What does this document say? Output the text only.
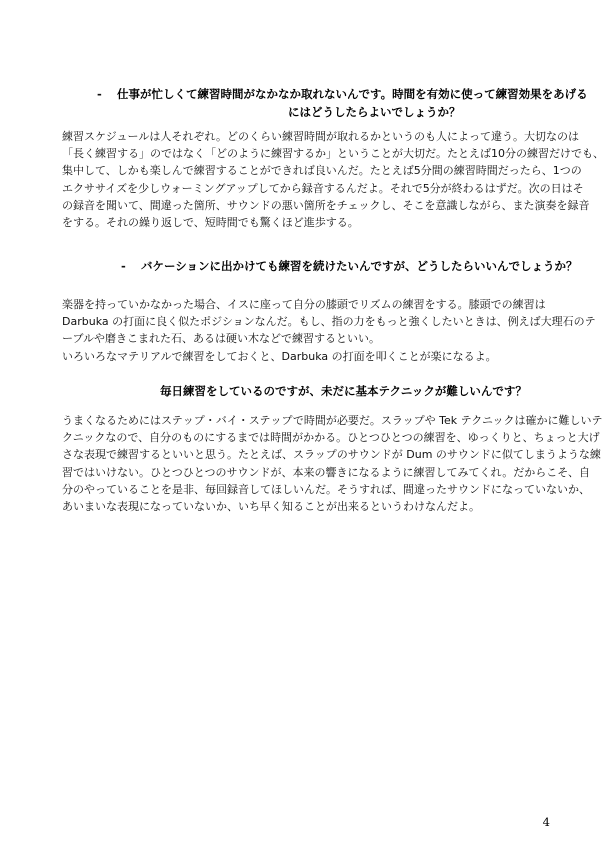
- 仕事が忙しくて練習時間がなかなか取れないんです。時間を有効に使って練習効果をあげる
にはどうしたらよいでしょうか？

練習スケジュールは人それぞれ。どのくらい練習時間が取れるかというのも人によって違う。大切なのは

「長く練習する」のではなく「どのように練習するか」ということが大切だ。たとえば10分の練習だけでも、

集中して、しかも楽しんで練習することができれば良いんだ。たとえば5分間の練習時間だったら、1つの

エクササイズを少しウォーミングアップしてから録音するんだよ。それで5分が終わるはずだ。次の日はそ

の録音を聞いて、間違った箇所、サウンドの悪い箇所をチェックし、そこを意識しながら、また演奏を録音

をする。それの繰り返しで、短時間でも驚くほど進歩する。

- バケーションに出かけても練習を続けたいんですが、どうしたらいいんでしょうか？

楽器を持っていかなかった場合、イスに座って自分の膝頭でリズムの練習をする。膝頭での練習は

Darbuka の打面に良く似たポジションなんだ。もし、指の力をもっと強くしたいときは、例えば大理石のテ

ーブルや磨きこまれた石、あるは硬い木などで練習するといい。

いろいろなマテリアルで練習をしておくと、Darbuka の打面を叩くことが楽になるよ。

毎日練習をしているのですが、未だに基本テクニックが難しいんです？

うまくなるためにはステップ・バイ・ステップで時間が必要だ。スラップや Tek テクニックは確かに難しいテ

クニックなので、自分のものにするまでは時間がかかる。ひとつひとつの練習を、ゆっくりと、ちょっと大げ

さな表現で練習するといいと思う。たとえば、スラップのサウンドが Dum のサウンドに似てしまうような練

習ではいけない。ひとつひとつのサウンドが、本来の響きになるように練習してみてくれ。だからこそ、自

分のやっていることを是非、毎回録音してほしいんだ。そうすれば、間違ったサウンドになっていないか、

あいまいな表現になっていないか、いち早く知ることが出来るというわけなんだよ。

4
